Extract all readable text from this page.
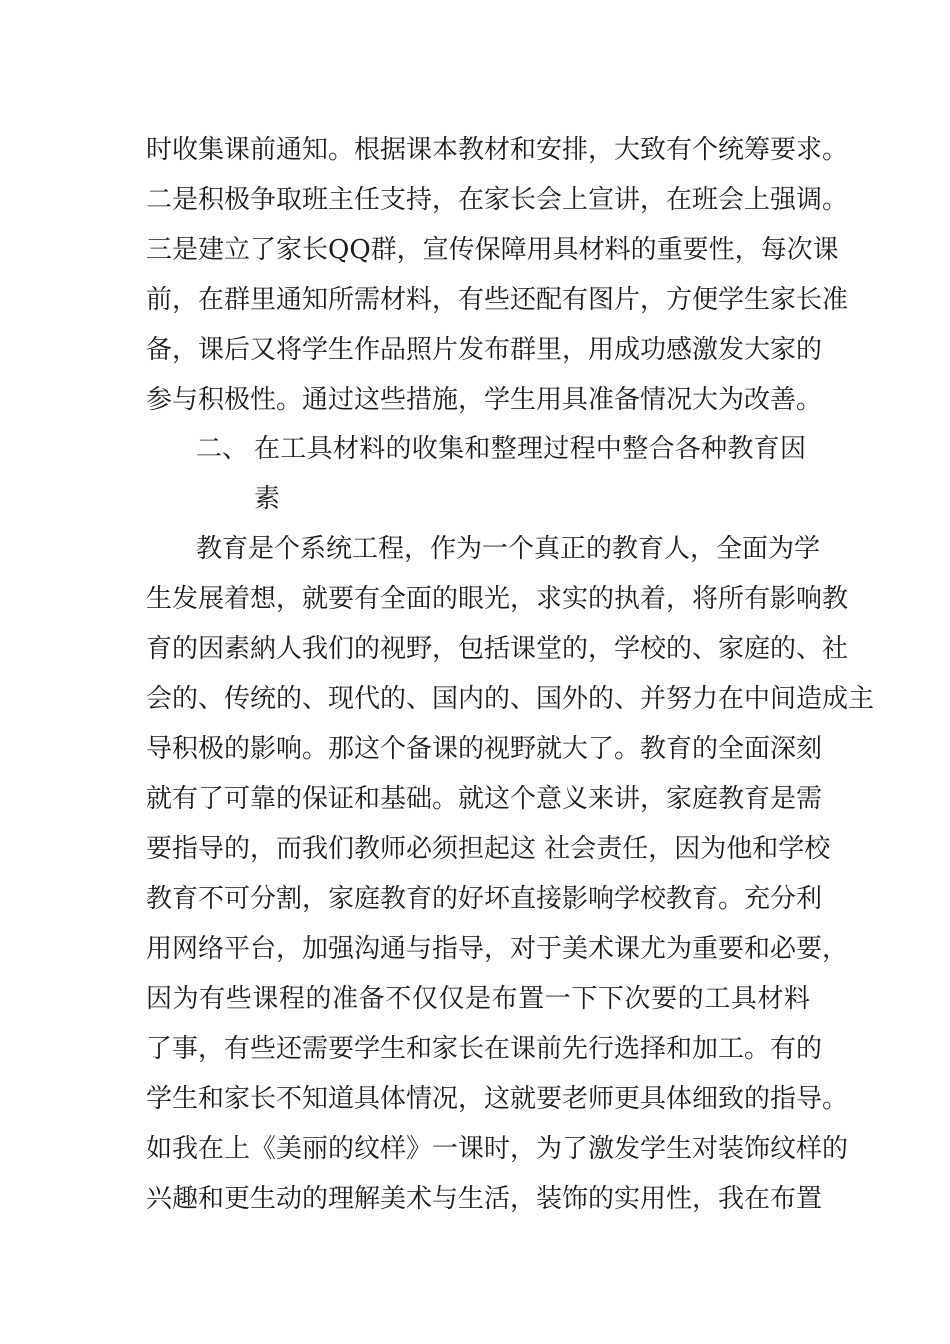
时收集课前通知。根据课本教材和安排，大致有个统筹要求。
二是积极争取班主任支持，在家长会上宣讲，在班会上强调。
三是建立了家长QQ群，宣传保障用具材料的重要性，每次课
前，在群里通知所需材料，有些还配有图片，方便学生家长准
备，课后又将学生作品照片发布群里，用成功感激发大家的
参与积极性。通过这些措施，学生用具准备情况大为改善。
二、 在工具材料的收集和整理过程中整合各种教育因
素
教育是个系统工程，作为一个真正的教育人，全面为学
生发展着想，就要有全面的眼光，求实的执着，将所有影响教
育的因素納人我们的视野，包括课堂的，学校的、家庭的、社
会的、传统的、现代的、国内的、国外的、并努力在中间造成主
导积极的影响。那这个备课的视野就大了。教育的全面深刻
就有了可靠的保证和基础。就这个意义来讲，家庭教育是需
要指导的，而我们教师必须担起这 社会责任，因为他和学校
教育不可分割，家庭教育的好坏直接影响学校教育。充分利
用网络平台，加强沟通与指导，对于美术课尤为重要和必要，
因为有些课程的准备不仅仅是布置一下下次要的工具材料
了事，有些还需要学生和家长在课前先行选择和加工。有的
学生和家长不知道具体情况，这就要老师更具体细致的指导。
如我在上《美丽的纹样》一课时，为了激发学生对装饰纹样的
兴趣和更生动的理解美术与生活，装饰的实用性，我在布置
